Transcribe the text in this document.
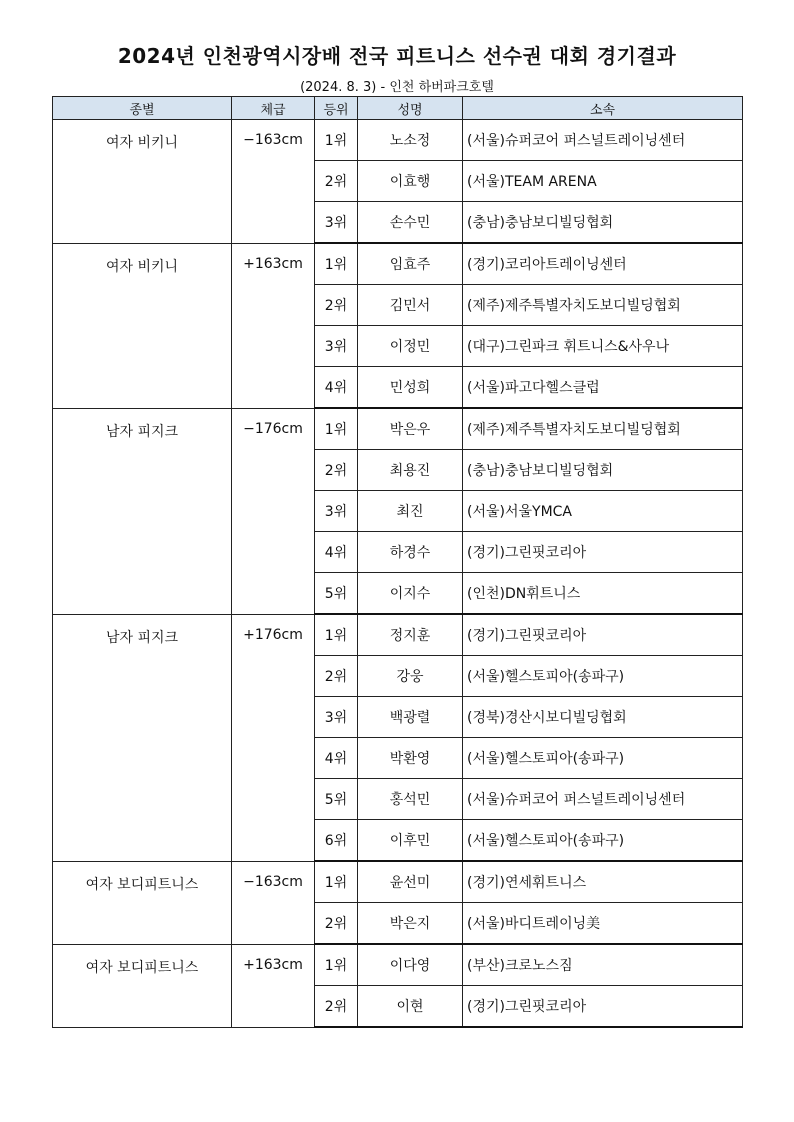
2024년 인천광역시장배 전국 피트니스 선수권 대회 경기결과
(2024. 8. 3) - 인천 하버파크호텔
종별	체급	등위	성명	소속
여자 비키니	−163cm	1위	노소정	(서울)슈퍼코어 퍼스널트레이닝센터
		2위	이효행	(서울)TEAM ARENA
		3위	손수민	(충남)충남보디빌딩협회
여자 비키니	+163cm	1위	임효주	(경기)코리아트레이닝센터
		2위	김민서	(제주)제주특별자치도보디빌딩협회
		3위	이정민	(대구)그린파크 휘트니스&사우나
		4위	민성희	(서울)파고다헬스클럽
남자 피지크	−176cm	1위	박은우	(제주)제주특별자치도보디빌딩협회
		2위	최용진	(충남)충남보디빌딩협회
		3위	최진	(서울)서울YMCA
		4위	하경수	(경기)그린핏코리아
		5위	이지수	(인천)DN휘트니스
남자 피지크	+176cm	1위	정지훈	(경기)그린핏코리아
		2위	강웅	(서울)헬스토피아(송파구)
		3위	백광렬	(경북)경산시보디빌딩협회
		4위	박환영	(서울)헬스토피아(송파구)
		5위	홍석민	(서울)슈퍼코어 퍼스널트레이닝센터
		6위	이후민	(서울)헬스토피아(송파구)
여자 보디피트니스	−163cm	1위	윤선미	(경기)연세휘트니스
		2위	박은지	(서울)바디트레이닝美
여자 보디피트니스	+163cm	1위	이다영	(부산)크로노스짐
		2위	이현	(경기)그린핏코리아
